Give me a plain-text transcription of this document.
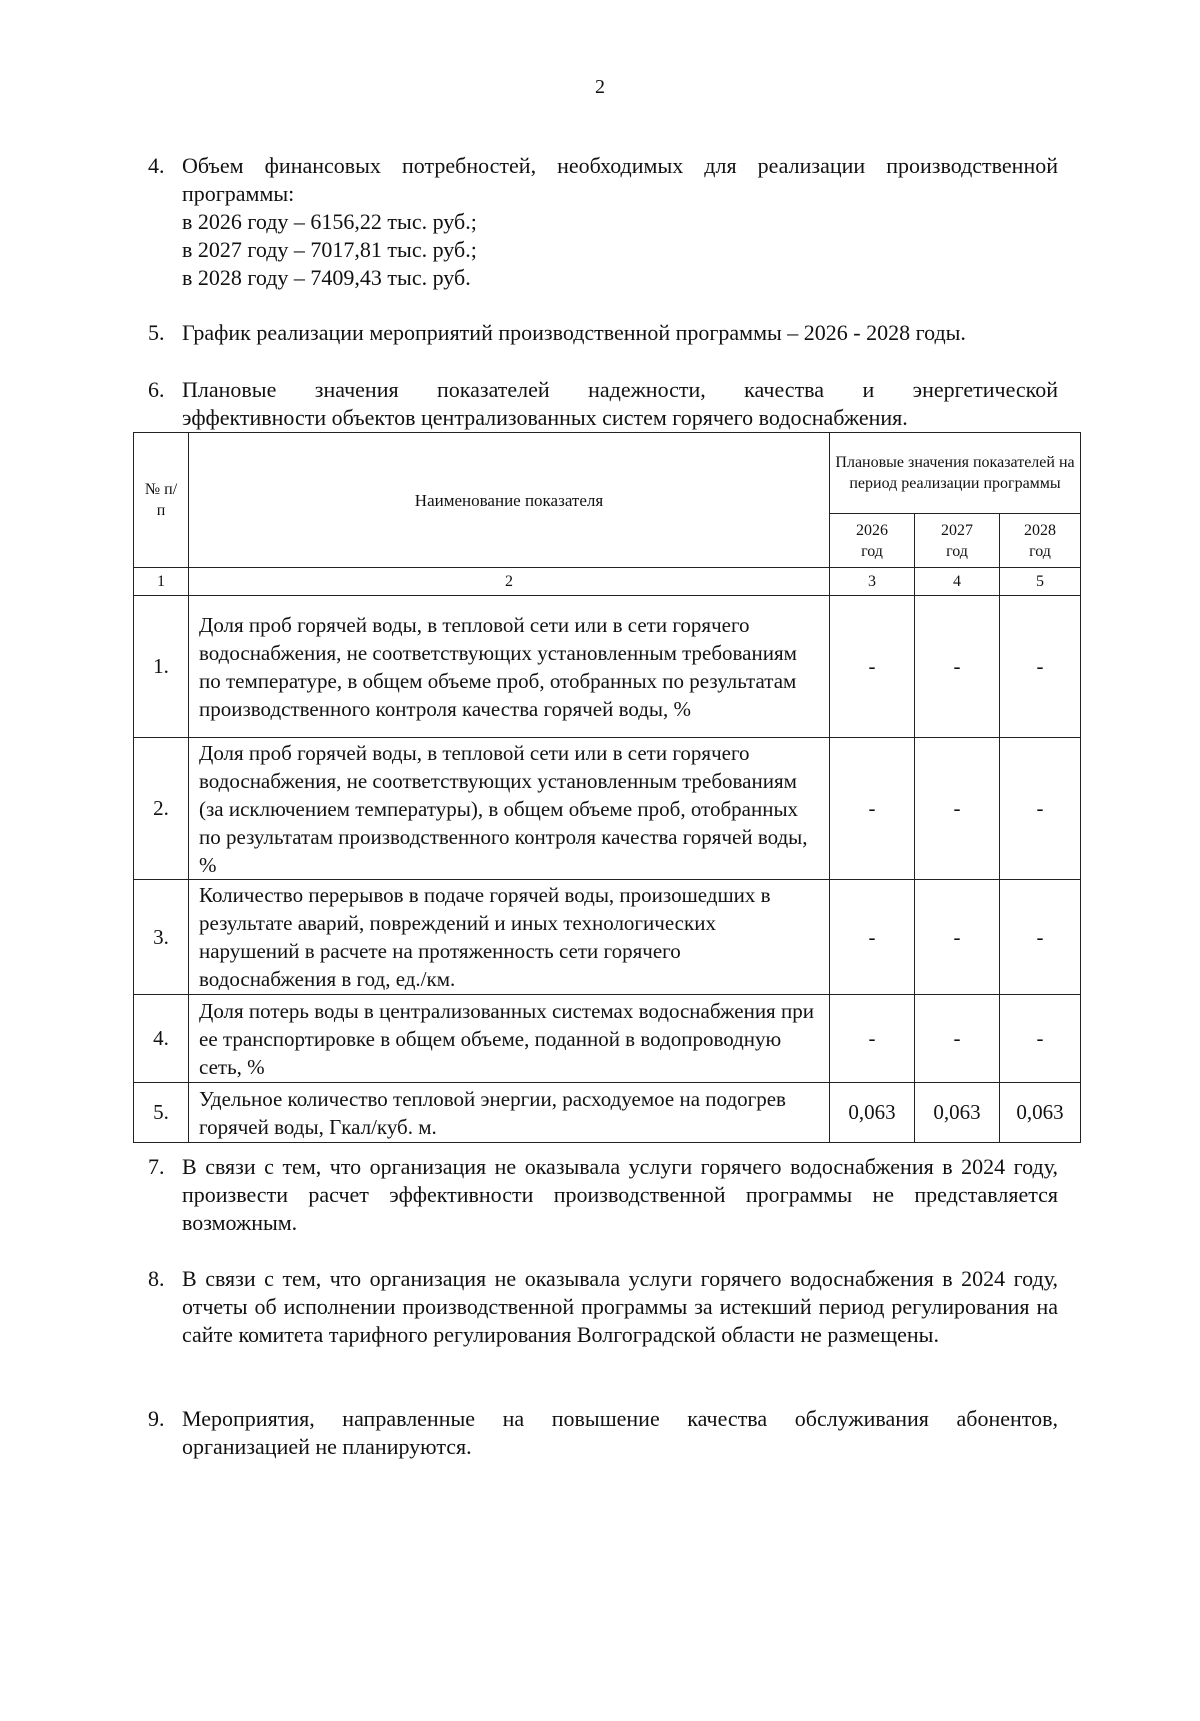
2
4. Объем финансовых потребностей, необходимых для реализации производственной
программы:
в 2026 году – 6156,22 тыс. руб.;
в 2027 году – 7017,81 тыс. руб.;
в 2028 году – 7409,43 тыс. руб.
5. График реализации мероприятий производственной программы – 2026 - 2028 годы.
6. Плановые значения показателей надежности, качества и энергетической
эффективности объектов централизованных систем горячего водоснабжения.
№ п/п	Наименование показателя	Плановые значения показателей на период реализации программы		
		2026 год	2027 год	2028 год
1	2	3	4	5
1.	Доля проб горячей воды, в тепловой сети или в сети горячего водоснабжения, не соответствующих установленным требованиям по температуре, в общем объеме проб, отобранных по результатам производственного контроля качества горячей воды, %	-	-	-
2.	Доля проб горячей воды, в тепловой сети или в сети горячего водоснабжения, не соответствующих установленным требованиям (за исключением температуры), в общем объеме проб, отобранных по результатам производственного контроля качества горячей воды, %	-	-	-
3.	Количество перерывов в подаче горячей воды, произошедших в результате аварий, повреждений и иных технологических нарушений в расчете на протяженность сети горячего водоснабжения в год, ед./км.	-	-	-
4.	Доля потерь воды в централизованных системах водоснабжения при ее транспортировке в общем объеме, поданной в водопроводную сеть, %	-	-	-
5.	Удельное количество тепловой энергии, расходуемое на подогрев горячей воды, Гкал/куб. м.	0,063	0,063	0,063
7. В связи с тем, что организация не оказывала услуги горячего водоснабжения в 2024 году, произвести расчет эффективности производственной программы не представляется возможным.
8. В связи с тем, что организация не оказывала услуги горячего водоснабжения в 2024 году, отчеты об исполнении производственной программы за истекший период регулирования на сайте комитета тарифного регулирования Волгоградской области не размещены.
9. Мероприятия, направленные на повышение качества обслуживания абонентов, организацией не планируются.
